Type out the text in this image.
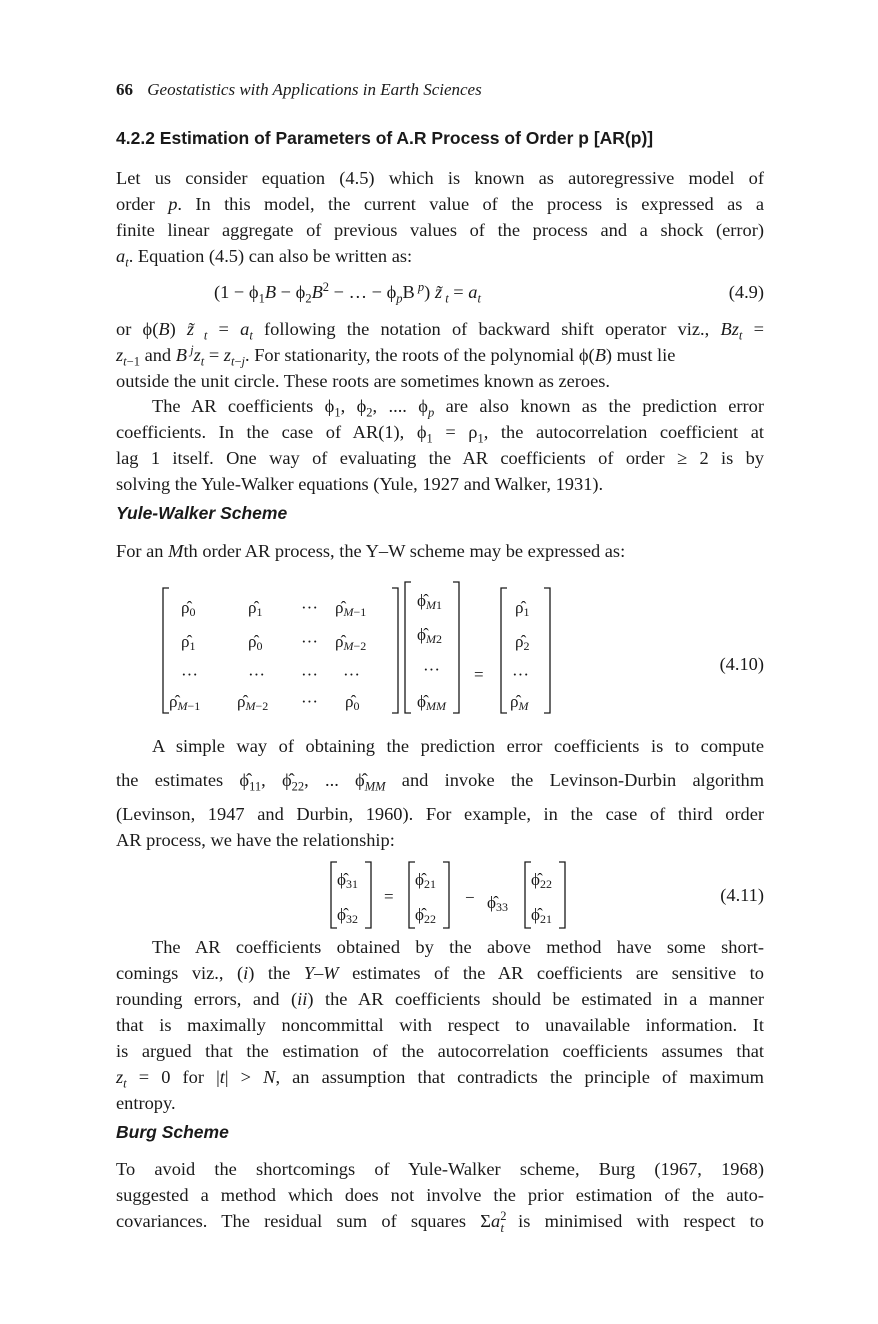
66 Geostatistics with Applications in Earth Sciences
4.2.2 Estimation of Parameters of A.R Process of Order p [AR(p)]
Let us consider equation (4.5) which is known as autoregressive model of
order p. In this model, the current value of the process is expressed as a
finite linear aggregate of previous values of the process and a shock (error)
$a_t$. Equation (4.5) can also be written as:
($1 - \phi_1B - \phi_2B^2$ − … − $\phi_pB$ $^p$) z̃ $_t = a_t$	(4.9)
or ϕ(B) z̃ $_t = a_t$ following the notation of backward shift operator viz., $Bz_t$ =
$z_{t-1}$ and B $^jz_t = z_{t-j}$. For stationarity, the roots of the polynomial ϕ(B) must lie
outside the unit circle. These roots are sometimes known as zeroes.
The AR coefficients $\phi_1$, $\phi_2$, .... $\phi_p$ are also known as the prediction error
coefficients. In the case of AR(1), $\phi_1 = \rho_1$, the autocorrelation coefficient at
lag 1 itself. One way of evaluating the AR coefficients of order ≥ 2 is by
solving the Yule-Walker equations (Yule, 1927 and Walker, 1931).
Yule-Walker Scheme
For an Mth order AR process, the Y–W scheme may be expressed as:
ρ̂0	ρ̂1 ··· ρ̂M−1
ρ̂1	ρ̂0 ··· ρ̂M−2
···	··· ··· ···
ρ̂M−1 ρ̂M−2 ··· ρ̂0
ϕ̂M1
ϕ̂M2
···
ϕ̂MM
=
ρ̂1
ρ̂2
···
ρ̂M
(4.10)
A simple way of obtaining the prediction error coefficients is to compute
the estimates $\phî_{11}$, $\phî_{22}$, ... $\phî_{MM}$ and invoke the Levinson-Durbin algorithm
(Levinson, 1947 and Durbin, 1960). For example, in the case of third order
AR process, we have the relationship:
ϕ̂31
ϕ̂32
=
ϕ̂21
ϕ̂22
− ϕ̂33
ϕ̂22
ϕ̂21
(4.11)
The AR coefficients obtained by the above method have some short-
comings viz., (i) the Y–W estimates of the AR coefficients are sensitive to
rounding errors, and (ii) the AR coefficients should be estimated in a manner
that is maximally noncommittal with respect to unavailable information. It
is argued that the estimation of the autocorrelation coefficients assumes that
$z_t = 0$ for |t| > N, an assumption that contradicts the principle of maximum
entropy.
Burg Scheme
To avoid the shortcomings of Yule-Walker scheme, Burg (1967, 1968)
suggested a method which does not involve the prior estimation of the auto-
covariances. The residual sum of squares $\Sigma a^2_t$ is minimised with respect to
